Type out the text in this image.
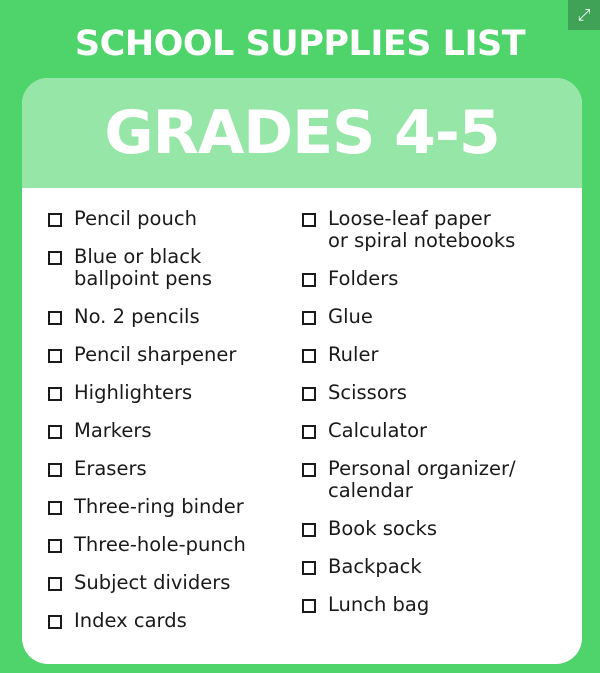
⤢
SCHOOL SUPPLIES LIST
GRADES 4-5
Pencil pouch
Blue or black
ballpoint pens
No. 2 pencils
Pencil sharpener
Highlighters
Markers
Erasers
Three-ring binder
Three-hole-punch
Subject dividers
Index cards
Loose-leaf paper
or spiral notebooks
Folders
Glue
Ruler
Scissors
Calculator
Personal organizer/
calendar
Book socks
Backpack
Lunch bag
